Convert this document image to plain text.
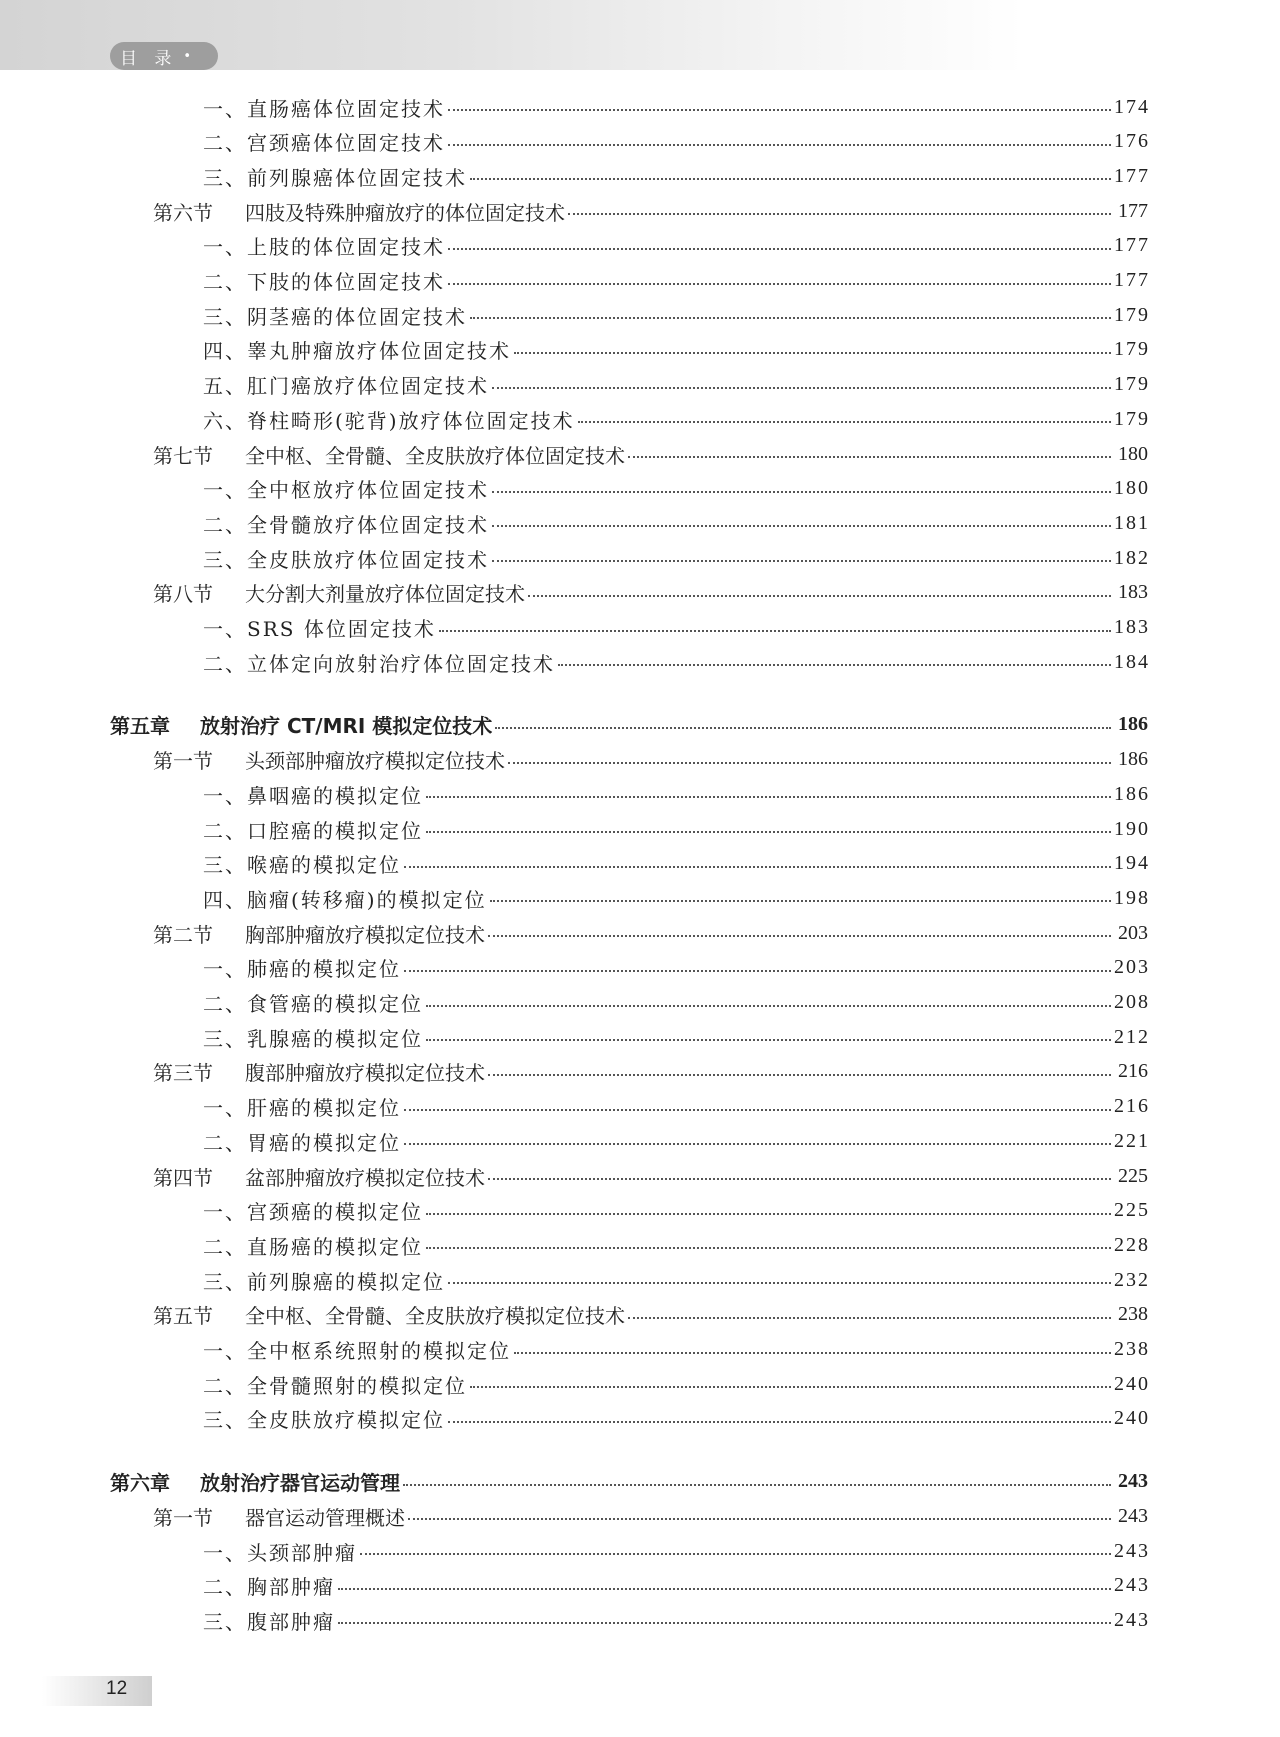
目 录 •
一、直肠癌体位固定技术	174
二、宫颈癌体位固定技术	176
三、前列腺癌体位固定技术	177
第六节	四肢及特殊肿瘤放疗的体位固定技术	177
一、上肢的体位固定技术	177
二、下肢的体位固定技术	177
三、阴茎癌的体位固定技术	179
四、睾丸肿瘤放疗体位固定技术	179
五、肛门癌放疗体位固定技术	179
六、脊柱畸形(驼背)放疗体位固定技术	179
第七节	全中枢、全骨髓、全皮肤放疗体位固定技术	180
一、全中枢放疗体位固定技术	180
二、全骨髓放疗体位固定技术	181
三、全皮肤放疗体位固定技术	182
第八节	大分割大剂量放疗体位固定技术	183
一、SRS 体位固定技术	183
二、立体定向放射治疗体位固定技术	184
第五章	放射治疗 CT/MRI 模拟定位技术	186
第一节	头颈部肿瘤放疗模拟定位技术	186
一、鼻咽癌的模拟定位	186
二、口腔癌的模拟定位	190
三、喉癌的模拟定位	194
四、脑瘤(转移瘤)的模拟定位	198
第二节	胸部肿瘤放疗模拟定位技术	203
一、肺癌的模拟定位	203
二、食管癌的模拟定位	208
三、乳腺癌的模拟定位	212
第三节	腹部肿瘤放疗模拟定位技术	216
一、肝癌的模拟定位	216
二、胃癌的模拟定位	221
第四节	盆部肿瘤放疗模拟定位技术	225
一、宫颈癌的模拟定位	225
二、直肠癌的模拟定位	228
三、前列腺癌的模拟定位	232
第五节	全中枢、全骨髓、全皮肤放疗模拟定位技术	238
一、全中枢系统照射的模拟定位	238
二、全骨髓照射的模拟定位	240
三、全皮肤放疗模拟定位	240
第六章	放射治疗器官运动管理	243
第一节	器官运动管理概述	243
一、头颈部肿瘤	243
二、胸部肿瘤	243
三、腹部肿瘤	243
12
